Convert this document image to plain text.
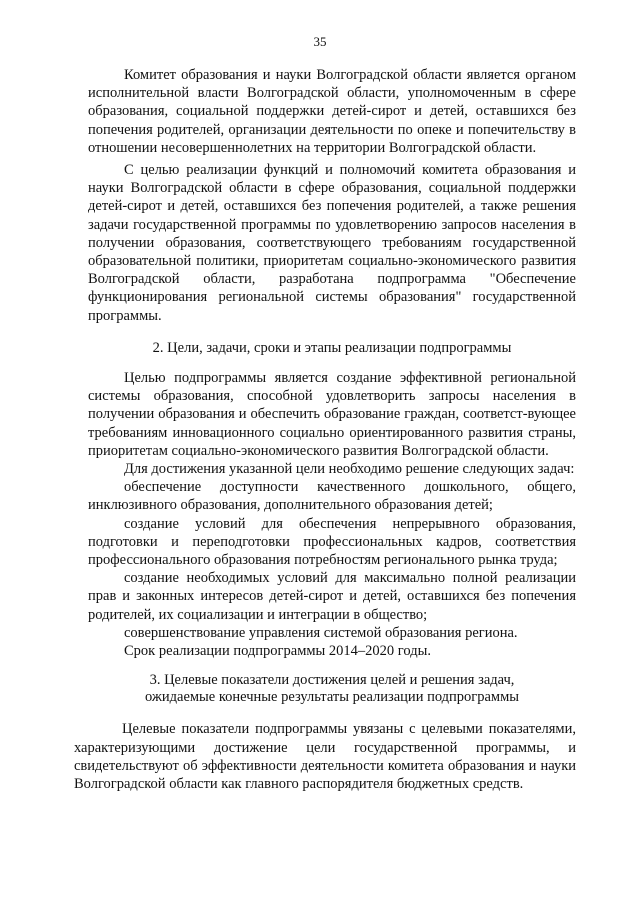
35

Комитет образования и науки Волгоградской области является органом исполнительной власти Волгоградской области, уполномоченным в сфере образования, социальной поддержки детей-сирот и детей, оставшихся без попечения родителей, организации деятельности по опеке и попечительству в отношении несовершеннолетних на территории Волгоградской области.

С целью реализации функций и полномочий комитета образования и науки Волгоградской области в сфере образования, социальной поддержки детей-сирот и детей, оставшихся без попечения родителей, а также решения задачи государственной программы по удовлетворению запросов населения в получении образования, соответствующего требованиям государственной образовательной политики, приоритетам социально-экономического развития Волгоградской области, разработана подпрограмма "Обеспечение функционирования региональной системы образования" государственной программы.

2. Цели, задачи, сроки и этапы реализации подпрограммы

Целью подпрограммы является создание эффективной региональной системы образования, способной удовлетворить запросы населения в получении образования и обеспечить образование граждан, соответст-вующее требованиям инновационного социально ориентированного развития страны, приоритетам социально-экономического развития Волгоградской области.

Для достижения указанной цели необходимо решение следующих задач:

обеспечение доступности качественного дошкольного, общего, инклюзивного образования, дополнительного образования детей;

создание условий для обеспечения непрерывного образования, подготовки и переподготовки профессиональных кадров, соответствия профессионального образования потребностям регионального рынка труда;

создание необходимых условий для максимально полной реализации прав и законных интересов детей-сирот и детей, оставшихся без попечения родителей, их социализации и интеграции в общество;

совершенствование управления системой образования региона.

Срок реализации подпрограммы 2014–2020 годы.

3. Целевые показатели достижения целей и решения задач,
ожидаемые конечные результаты реализации подпрограммы

Целевые показатели подпрограммы увязаны с целевыми показателями, характеризующими достижение цели государственной программы, и свидетельствуют об эффективности деятельности комитета образования и науки Волгоградской области как главного распорядителя бюджетных средств.
